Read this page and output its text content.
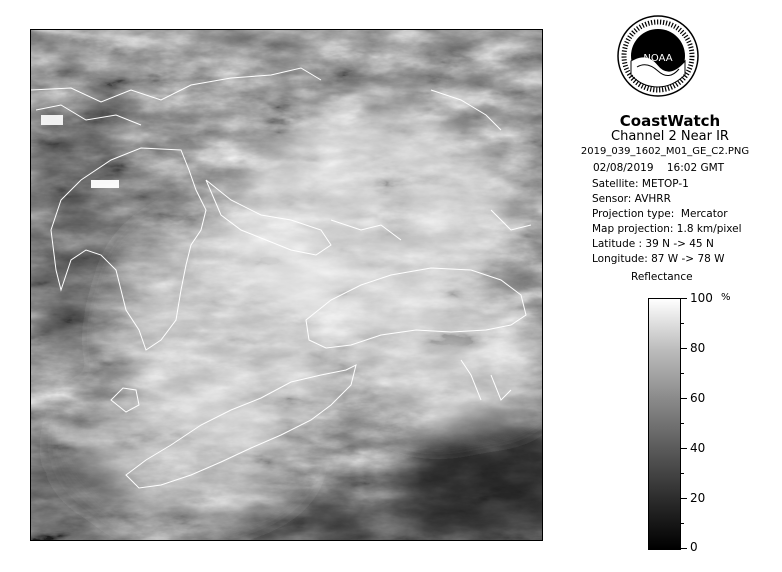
NOAA
CoastWatch
Channel 2 Near IR
2019_039_1602_M01_GE_C2.PNG
02/08/2019    16:02 GMT
Satellite: METOP-1
Sensor: AVHRR
Projection type:  Mercator
Map projection: 1.8 km/pixel
Latitude : 39 N -> 45 N
Longitude: 87 W -> 78 W
Reflectance
%
100
80
60
40
20
0
